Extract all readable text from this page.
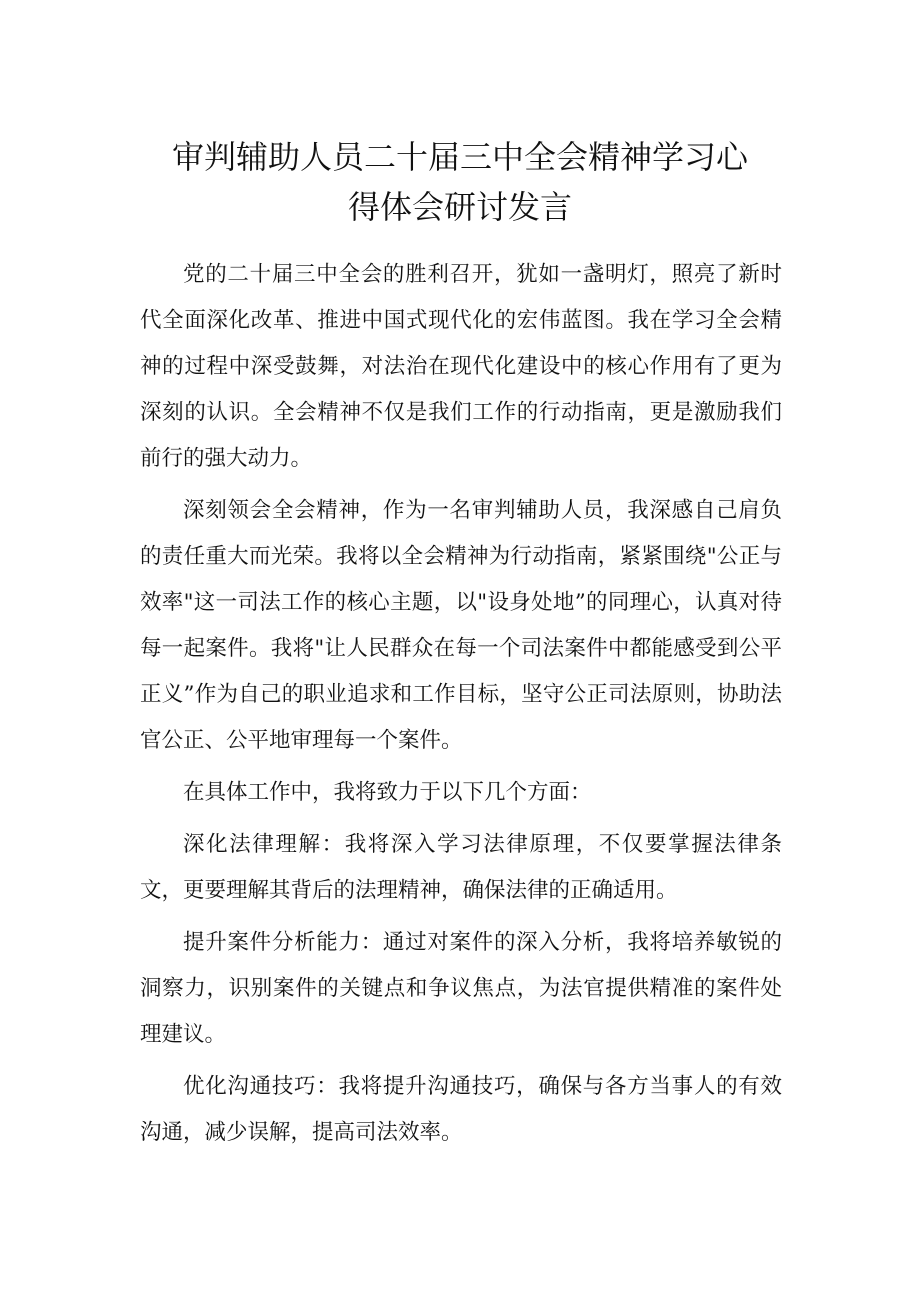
审判辅助人员二十届三中全会精神学习心
得体会研讨发言

党的二十届三中全会的胜利召开，犹如一盏明灯，照亮了新时代全面深化改革、推进中国式现代化的宏伟蓝图。我在学习全会精神的过程中深受鼓舞，对法治在现代化建设中的核心作用有了更为深刻的认识。全会精神不仅是我们工作的行动指南，更是激励我们前行的强大动力。

深刻领会全会精神，作为一名审判辅助人员，我深感自己肩负的责任重大而光荣。我将以全会精神为行动指南，紧紧围绕"公正与效率"这一司法工作的核心主题，以"设身处地”的同理心，认真对待每一起案件。我将"让人民群众在每一个司法案件中都能感受到公平正义”作为自己的职业追求和工作目标，坚守公正司法原则，协助法官公正、公平地审理每一个案件。

在具体工作中，我将致力于以下几个方面：

深化法律理解：我将深入学习法律原理，不仅要掌握法律条文，更要理解其背后的法理精神，确保法律的正确适用。

提升案件分析能力：通过对案件的深入分析，我将培养敏锐的洞察力，识别案件的关键点和争议焦点，为法官提供精准的案件处理建议。

优化沟通技巧：我将提升沟通技巧，确保与各方当事人的有效沟通，减少误解，提高司法效率。
